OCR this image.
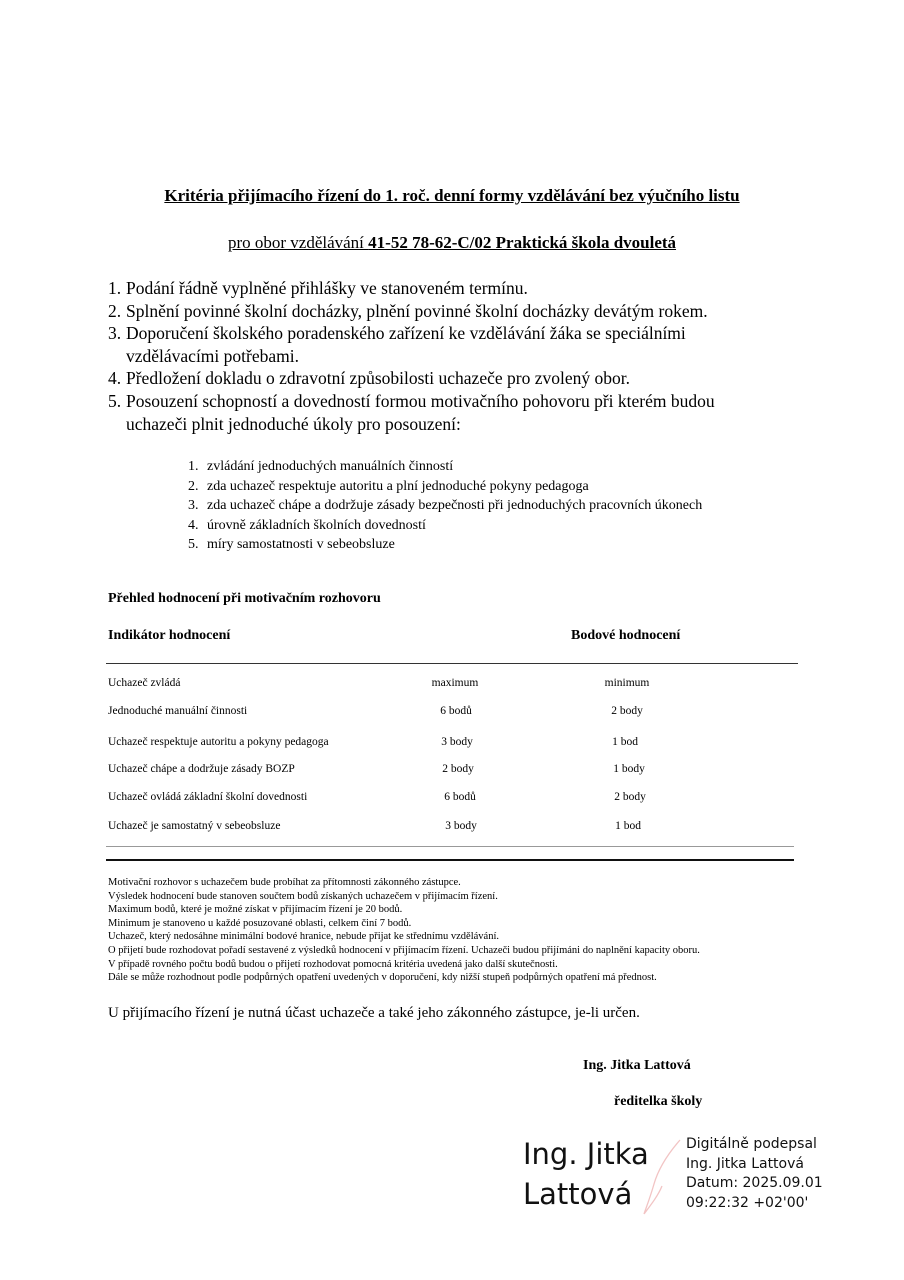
Kritéria přijímacího řízení do 1. roč. denní formy vzdělávání bez výučního listu
pro obor vzdělávání 41-52 78-62-C/02 Praktická škola dvouletá
1. Podání řádně vyplněné přihlášky ve stanoveném termínu.
2. Splnění povinné školní docházky, plnění povinné školní docházky devátým rokem.
3. Doporučení školského poradenského zařízení ke vzdělávání žáka se speciálními
vzdělávacími potřebami.
4. Předložení dokladu o zdravotní způsobilosti uchazeče pro zvolený obor.
5. Posouzení schopností a dovedností formou motivačního pohovoru při kterém budou
uchazeči plnit jednoduché úkoly pro posouzení:
1. zvládání jednoduchých manuálních činností
2. zda uchazeč respektuje autoritu a plní jednoduché pokyny pedagoga
3. zda uchazeč chápe a dodržuje zásady bezpečnosti při jednoduchých pracovních úkonech
4. úrovně základních školních dovedností
5. míry samostatnosti v sebeobsluze
Přehled hodnocení při motivačním rozhovoru
Indikátor hodnocení	Bodové hodnocení
Uchazeč zvládá	maximum	minimum
Jednoduché manuální činnosti	6 bodů	2 body
Uchazeč respektuje autoritu a pokyny pedagoga	3 body	1 bod
Uchazeč chápe a dodržuje zásady BOZP	2 body	1 body
Uchazeč ovládá základní školní dovednosti	6 bodů	2 body
Uchazeč je samostatný v sebeobsluze	3 body	1 bod
Motivační rozhovor s uchazečem bude probíhat za přítomnosti zákonného zástupce.
Výsledek hodnocení bude stanoven součtem bodů získaných uchazečem v přijímacím řízení.
Maximum bodů, které je možné získat v přijímacím řízení je 20 bodů.
Minimum je stanoveno u každé posuzované oblasti, celkem činí 7 bodů.
Uchazeč, který nedosáhne minimální bodové hranice, nebude přijat ke střednímu vzdělávání.
O přijetí bude rozhodovat pořadí sestavené z výsledků hodnocení v přijímacím řízení. Uchazeči budou přijímáni do naplnění kapacity oboru.
V případě rovného počtu bodů budou o přijetí rozhodovat pomocná kritéria uvedená jako další skutečnosti.
Dále se může rozhodnout podle podpůrných opatření uvedených v doporučení, kdy nižší stupeň podpůrných opatření má přednost.
U přijímacího řízení je nutná účast uchazeče a také jeho zákonného zástupce, je-li určen.
Ing. Jitka Lattová
ředitelka školy
Ing. Jitka
Lattová
Digitálně podepsal
Ing. Jitka Lattová
Datum: 2025.09.01
09:22:32 +02'00'
